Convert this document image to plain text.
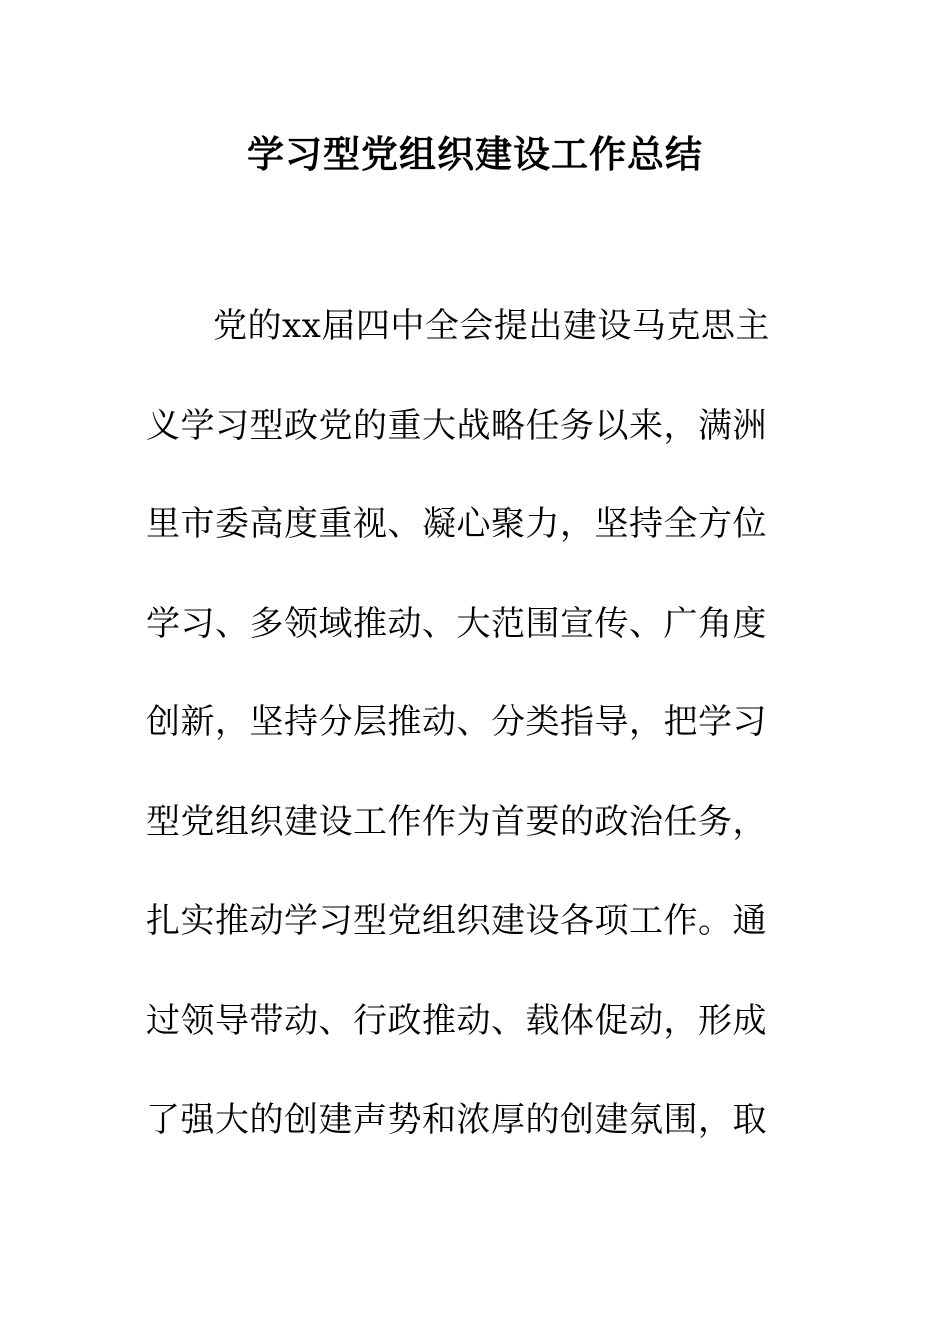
学习型党组织建设工作总结
党的xx届四中全会提出建设马克思主
义学习型政党的重大战略任务以来，满洲
里市委高度重视、凝心聚力，坚持全方位
学习、多领域推动、大范围宣传、广角度
创新，坚持分层推动、分类指导，把学习
型党组织建设工作作为首要的政治任务，
扎实推动学习型党组织建设各项工作。通
过领导带动、行政推动、载体促动，形成
了强大的创建声势和浓厚的创建氛围，取
